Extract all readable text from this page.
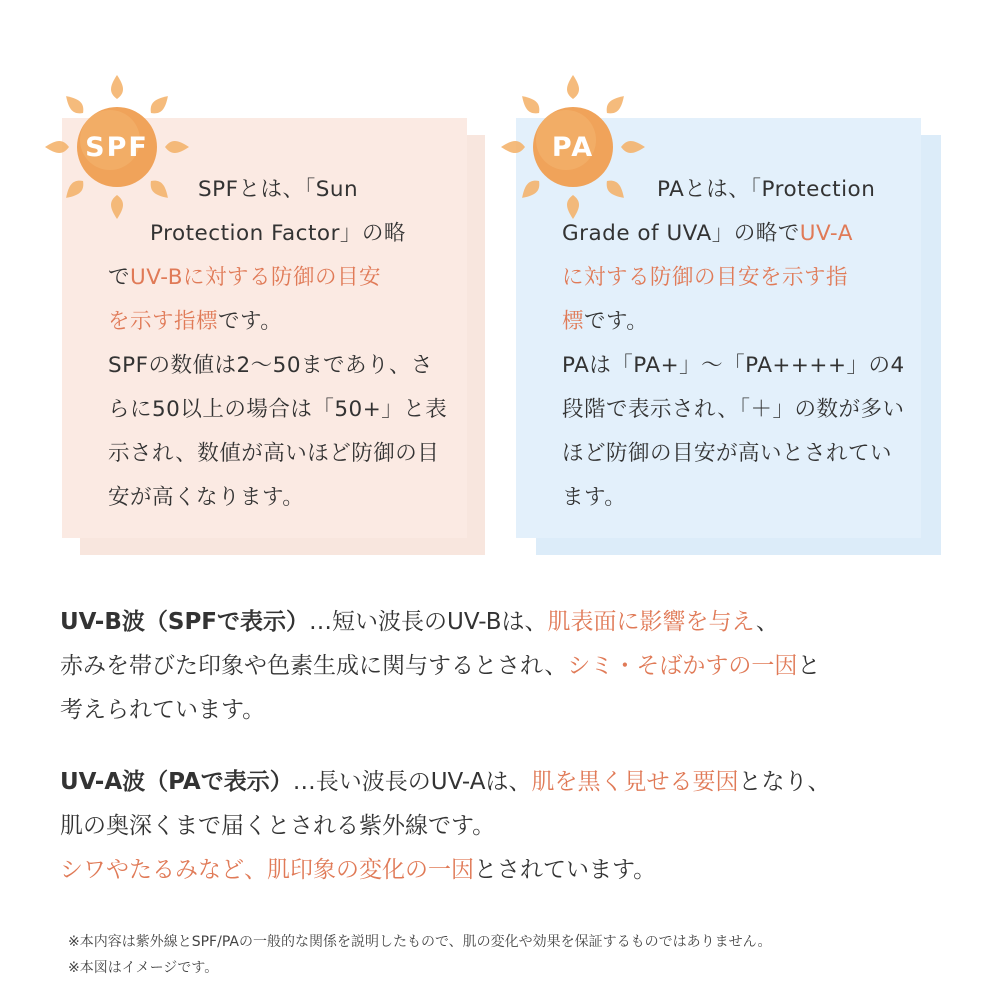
SPF	PA
SPFとは、「Sun
Protection Factor」の略
でUV-Bに対する防御の目安
を示す指標です。
SPFの数値は2～50まであり、さらに50以上の場合は「50+」と表示され、数値が高いほど防御の目安が高くなります。
PAとは、「Protection
Grade of UVA」の略でUV-A
に対する防御の目安を示す指
標です。
PAは「PA+」～「PA++++」の4段階で表示され、「＋」の数が多いほど防御の目安が高いとされています。
UV-B波（SPFで表示）…短い波長のUV-Bは、肌表面に影響を与え、
赤みを帯びた印象や色素生成に関与するとされ、シミ・そばかすの一因と
考えられています。
UV-A波（PAで表示）…長い波長のUV-Aは、肌を黒く見せる要因となり、
肌の奥深くまで届くとされる紫外線です。
シワやたるみなど、肌印象の変化の一因とされています。
※本内容は紫外線とSPF/PAの一般的な関係を説明したもので、肌の変化や効果を保証するものではありません。
※本図はイメージです。
